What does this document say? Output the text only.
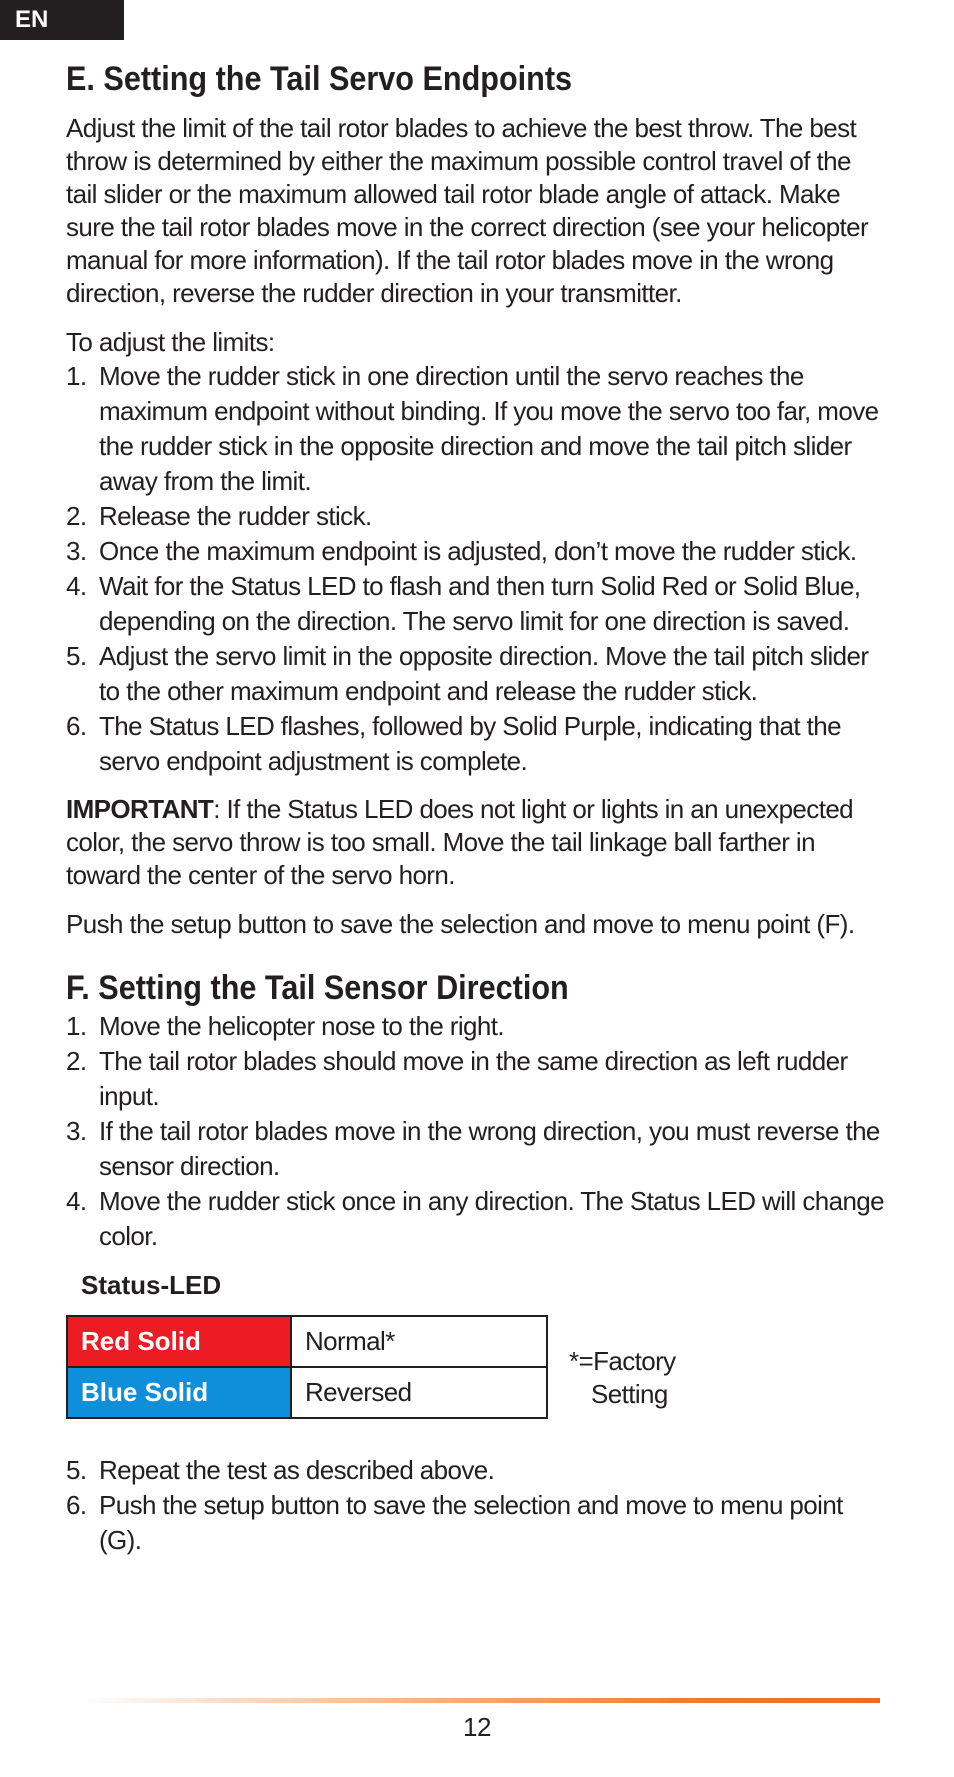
EN
E. Setting the Tail Servo Endpoints

Adjust the limit of the tail rotor blades to achieve the best throw. The best throw is determined by either the maximum possible control travel of the tail slider or the maximum allowed tail rotor blade angle of attack. Make sure the tail rotor blades move in the correct direction (see your helicopter manual for more information). If the tail rotor blades move in the wrong direction, reverse the rudder direction in your transmitter.

To adjust the limits:

1. Move the rudder stick in one direction until the servo reaches the maximum endpoint without binding. If you move the servo too far, move the rudder stick in the opposite direction and move the tail pitch slider away from the limit.
2. Release the rudder stick.
3. Once the maximum endpoint is adjusted, don’t move the rudder stick.
4. Wait for the Status LED to flash and then turn Solid Red or Solid Blue, depending on the direction. The servo limit for one direction is saved.
5. Adjust the servo limit in the opposite direction. Move the tail pitch slider to the other maximum endpoint and release the rudder stick.
6. The Status LED flashes, followed by Solid Purple, indicating that the servo endpoint adjustment is complete.

IMPORTANT: If the Status LED does not light or lights in an unexpected color, the servo throw is too small. Move the tail linkage ball farther in toward the center of the servo horn.

Push the setup button to save the selection and move to menu point (F).

F. Setting the Tail Sensor Direction
1. Move the helicopter nose to the right.
2. The tail rotor blades should move in the same direction as left rudder input.
3. If the tail rotor blades move in the wrong direction, you must reverse the sensor direction.
4. Move the rudder stick once in any direction. The Status LED will change color.
Status-LED
Red Solid	Normal*
Blue Solid	Reversed
*=Factory
Setting
5. Repeat the test as described above.
6. Push the setup button to save the selection and move to menu point (G).
12
